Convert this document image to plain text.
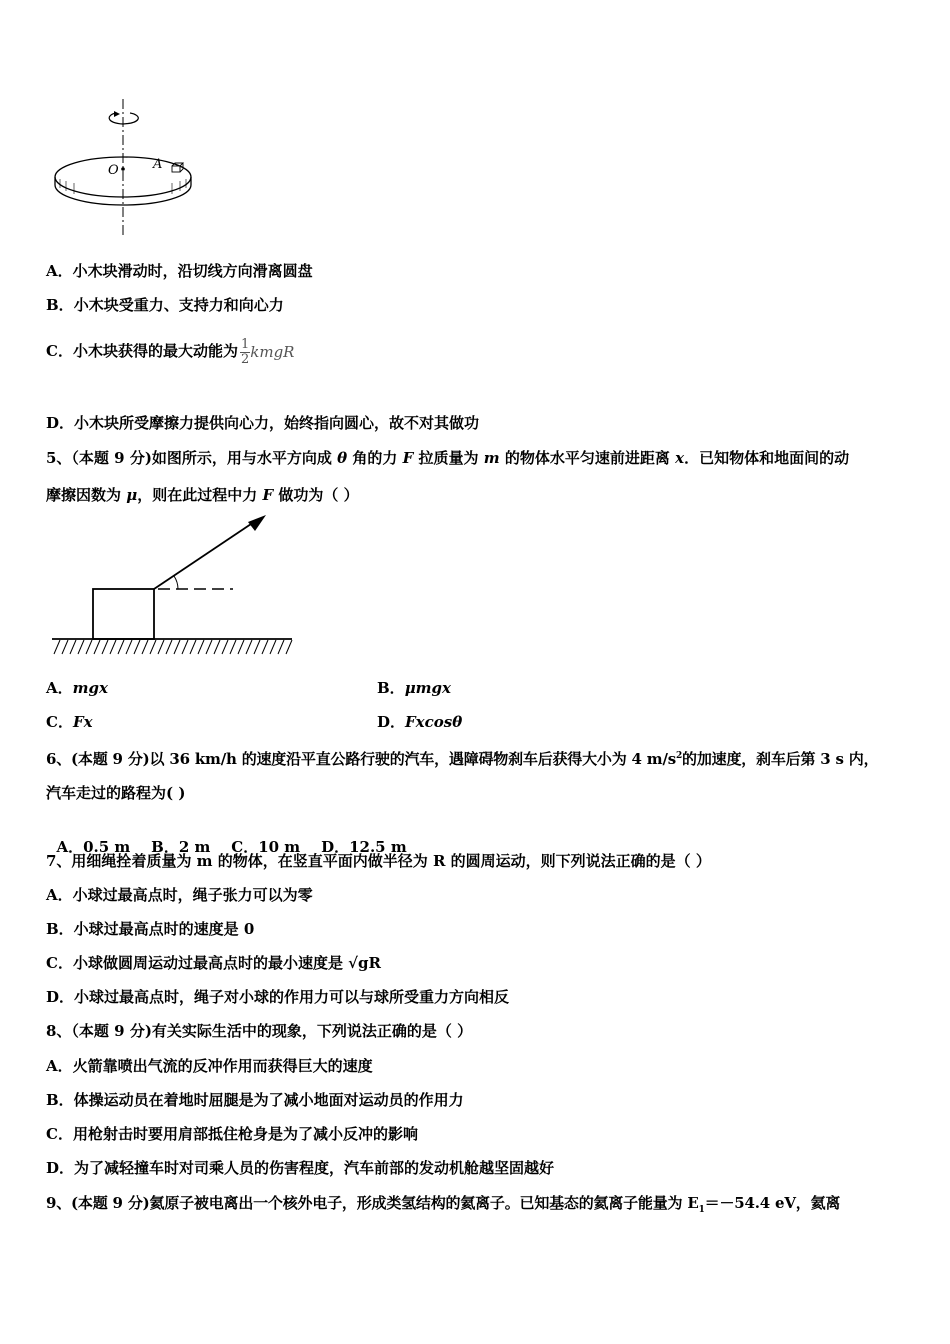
O	A
A．小木块滑动时，沿切线方向滑离圆盘
B．小木块受重力、支持力和向心力
C．小木块获得的最大动能为 $\frac{1}{2}$ kmgR
D．小木块所受摩擦力提供向心力，始终指向圆心，故不对其做功
5、（本题 9 分)如图所示，用与水平方向成 θ 角的力 F 拉质量为 m 的物体水平匀速前进距离 x．已知物体和地面间的动
摩擦因数为 μ，则在此过程中力 F 做功为（ ）
A．mgx	B．μmgx
C．Fx	D．Fxcosθ
6、(本题 9 分)以 36 km/h 的速度沿平直公路行驶的汽车，遇障碍物刹车后获得大小为 4 $m/s^2$的加速度，刹车后第 3 s 内，
汽车走过的路程为( )

A．0.5 m    B．2 m    C．10 m    D．12.5 m

7、用细绳拴着质量为 m 的物体，在竖直平面内做半径为 R 的圆周运动，则下列说法正确的是（ ）
A．小球过最高点时，绳子张力可以为零
B．小球过最高点时的速度是 0
C．小球做圆周运动过最高点时的最小速度是 √gR
D．小球过最高点时，绳子对小球的作用力可以与球所受重力方向相反
8、（本题 9 分)有关实际生活中的现象，下列说法正确的是（ ）
A．火箭靠喷出气流的反冲作用而获得巨大的速度
B．体操运动员在着地时屈腿是为了减小地面对运动员的作用力
C．用枪射击时要用肩部抵住枪身是为了减小反冲的影响
D．为了减轻撞车时对司乘人员的伤害程度，汽车前部的发动机舱越坚固越好
9、(本题 9 分)氦原子被电离出一个核外电子，形成类氢结构的氦离子。已知基态的氦离子能量为 $E_1=-54.4$ eV，氦离
